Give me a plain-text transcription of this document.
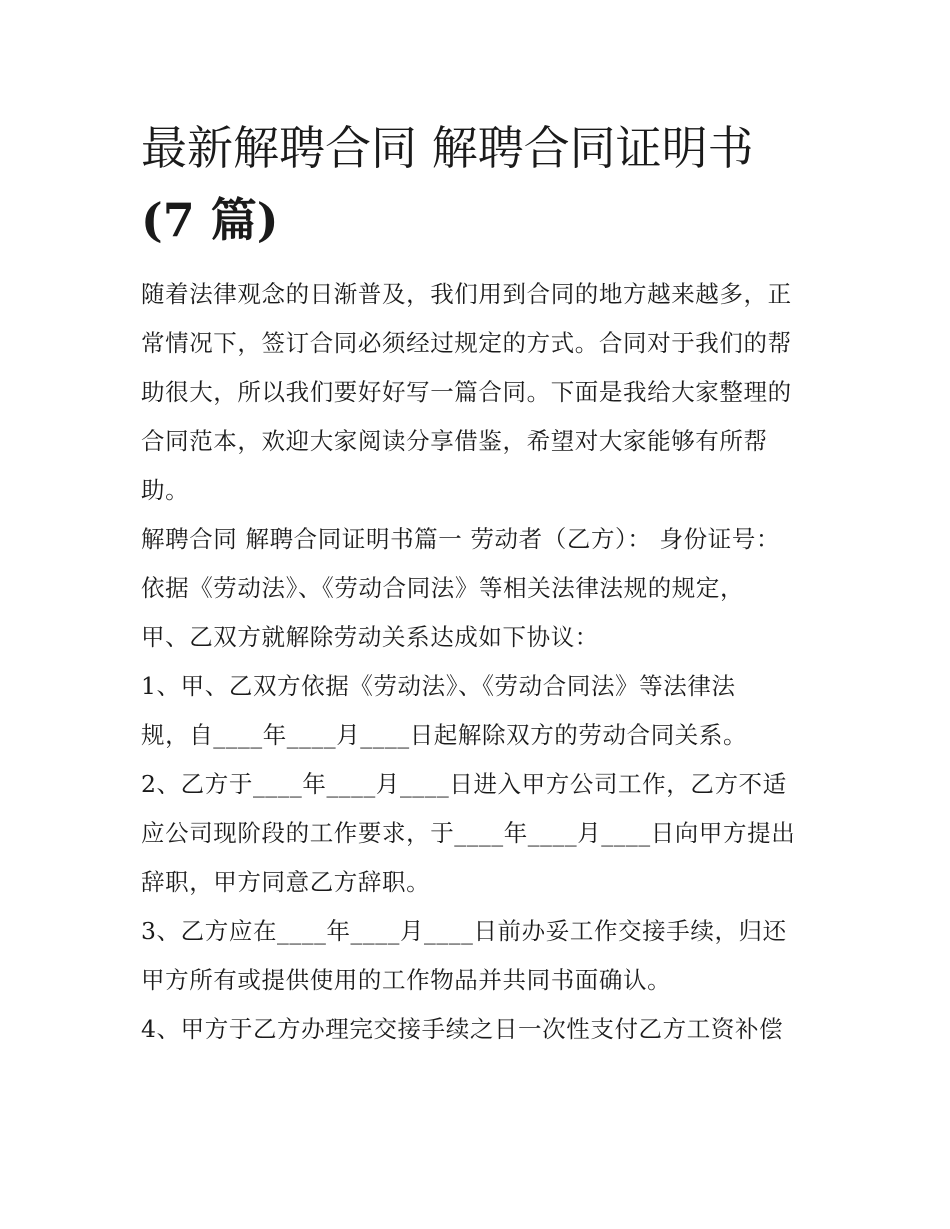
最新解聘合同 解聘合同证明书
(7 篇)
随着法律观念的日渐普及，我们用到合同的地方越来越多，正
常情况下，签订合同必须经过规定的方式。合同对于我们的帮
助很大，所以我们要好好写一篇合同。下面是我给大家整理的
合同范本，欢迎大家阅读分享借鉴，希望对大家能够有所帮
助。
解聘合同 解聘合同证明书篇一 劳动者（乙方）： 身份证号：
依据《劳动法》、《劳动合同法》等相关法律法规的规定，
甲、乙双方就解除劳动关系达成如下协议：
1、甲、乙双方依据《劳动法》、《劳动合同法》等法律法
规，自____年____月____日起解除双方的劳动合同关系。
2、乙方于____年____月____日进入甲方公司工作，乙方不适
应公司现阶段的工作要求，于____年____月____日向甲方提出
辞职，甲方同意乙方辞职。
3、乙方应在____年____月____日前办妥工作交接手续，归还
甲方所有或提供使用的工作物品并共同书面确认。
4、甲方于乙方办理完交接手续之日一次性支付乙方工资补偿
